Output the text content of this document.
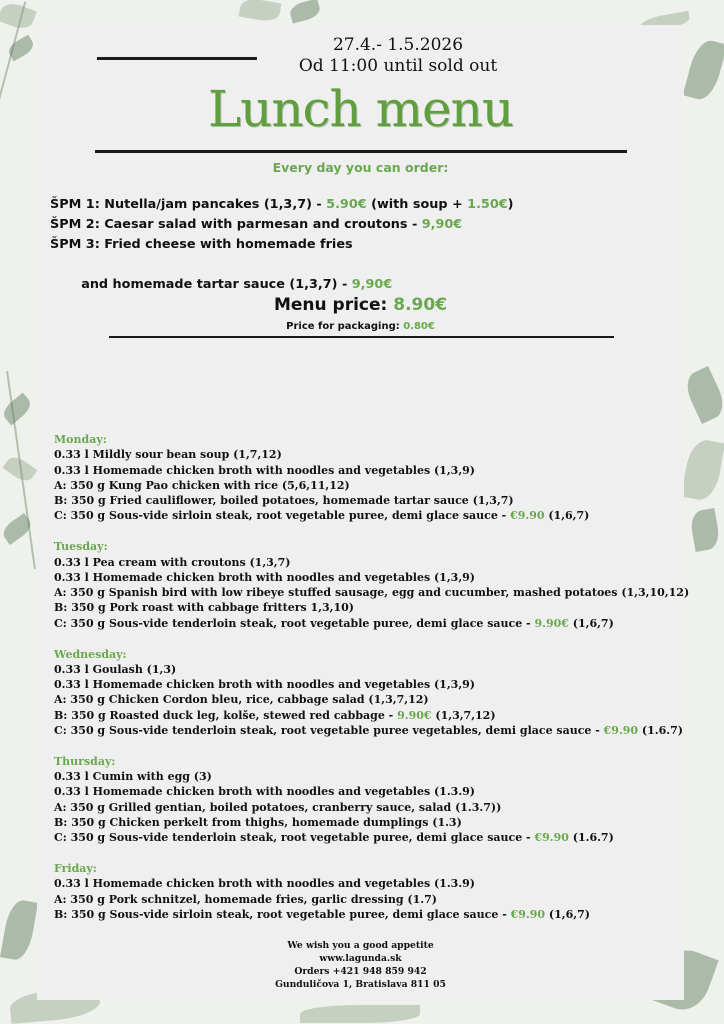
27.4.- 1.5.2026
Od 11:00 until sold out
Lunch menu
Every day you can order:
ŠPM 1: Nutella/jam pancakes (1,3,7) - 5.90€ (with soup + 1.50€)
ŠPM 2: Caesar salad with parmesan and croutons - 9,90€
ŠPM 3: Fried cheese with homemade fries

and homemade tartar sauce (1,3,7) - 9,90€

Menu price: 8.90€
Price for packaging: 0.80€
Monday:
0.33 l Mildly sour bean soup (1,7,12)
0.33 l Homemade chicken broth with noodles and vegetables (1,3,9)
A: 350 g Kung Pao chicken with rice (5,6,11,12)
B: 350 g Fried cauliflower, boiled potatoes, homemade tartar sauce (1,3,7)
C: 350 g Sous-vide sirloin steak, root vegetable puree, demi glace sauce - €9.90 (1,6,7)
Tuesday:
0.33 l Pea cream with croutons (1,3,7)
0.33 l Homemade chicken broth with noodles and vegetables (1,3,9)
A: 350 g Spanish bird with low ribeye stuffed sausage, egg and cucumber, mashed potatoes (1,3,10,12)
B: 350 g Pork roast with cabbage fritters 1,3,10)
C: 350 g Sous-vide tenderloin steak, root vegetable puree, demi glace sauce - 9.90€ (1,6,7)
Wednesday:
0.33 l Goulash (1,3)
0.33 l Homemade chicken broth with noodles and vegetables (1,3,9)
A: 350 g Chicken Cordon bleu, rice, cabbage salad (1,3,7,12)
B: 350 g Roasted duck leg, kolše, stewed red cabbage - 9.90€ (1,3,7,12)
C: 350 g Sous-vide tenderloin steak, root vegetable puree vegetables, demi glace sauce - €9.90 (1.6.7)
Thursday:
0.33 l Cumin with egg (3)
0.33 l Homemade chicken broth with noodles and vegetables (1.3.9)
A: 350 g Grilled gentian, boiled potatoes, cranberry sauce, salad (1.3.7))
B: 350 g Chicken perkelt from thighs, homemade dumplings (1.3)
C: 350 g Sous-vide tenderloin steak, root vegetable puree, demi glace sauce - €9.90 (1.6.7)
Friday:
0.33 l Homemade chicken broth with noodles and vegetables (1.3.9)
A: 350 g Pork schnitzel, homemade fries, garlic dressing (1.7)
B: 350 g Sous-vide sirloin steak, root vegetable puree, demi glace sauce - €9.90 (1,6,7)
We wish you a good appetite
www.lagunda.sk
Orders +421 948 859 942
Gunduličova 1, Bratislava 811 05
